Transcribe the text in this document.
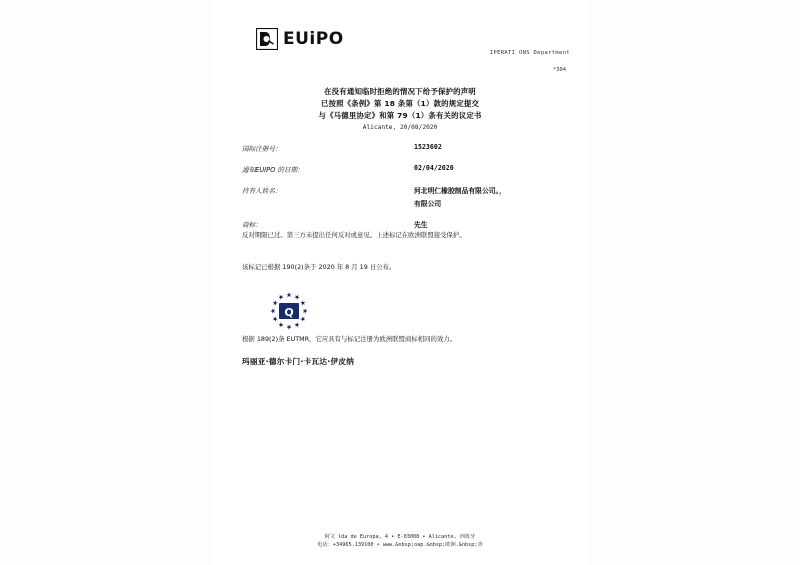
EUiPO
IPERATI ONS Department
*304
在没有通知临时拒绝的情况下给予保护的声明
已按照《条例》第 18 条第（1）款的规定提交
与《马德里协定》和第 79（1）条有关的议定书
Alicante, 20/08/2020
国际注册号：	1523602
通知EUIPO 的日期：	02/04/2020
持有人姓名：	河北明仁橡胶制品有限公司。，
有限公司
商标：	先生
反对期限已过。第三方未提出任何反对或意见。上述标记在欧洲联盟接受保护。
该标记已根据 190(2)条于 2020 年 8 月 19 日公布。
Q
根据 189(2)条 EUTMR，它应具有与标记注册为欧洲联盟商标相同的效力。
玛丽亚·德尔卡门·卡瓦达·伊皮纳
阿文 lda de Europa, 4 • E-03008 • Alicante, 西班牙
电话：+34965.139100 • www.&nbsp;oap.&nbsp;欧洲.&nbsp;查
